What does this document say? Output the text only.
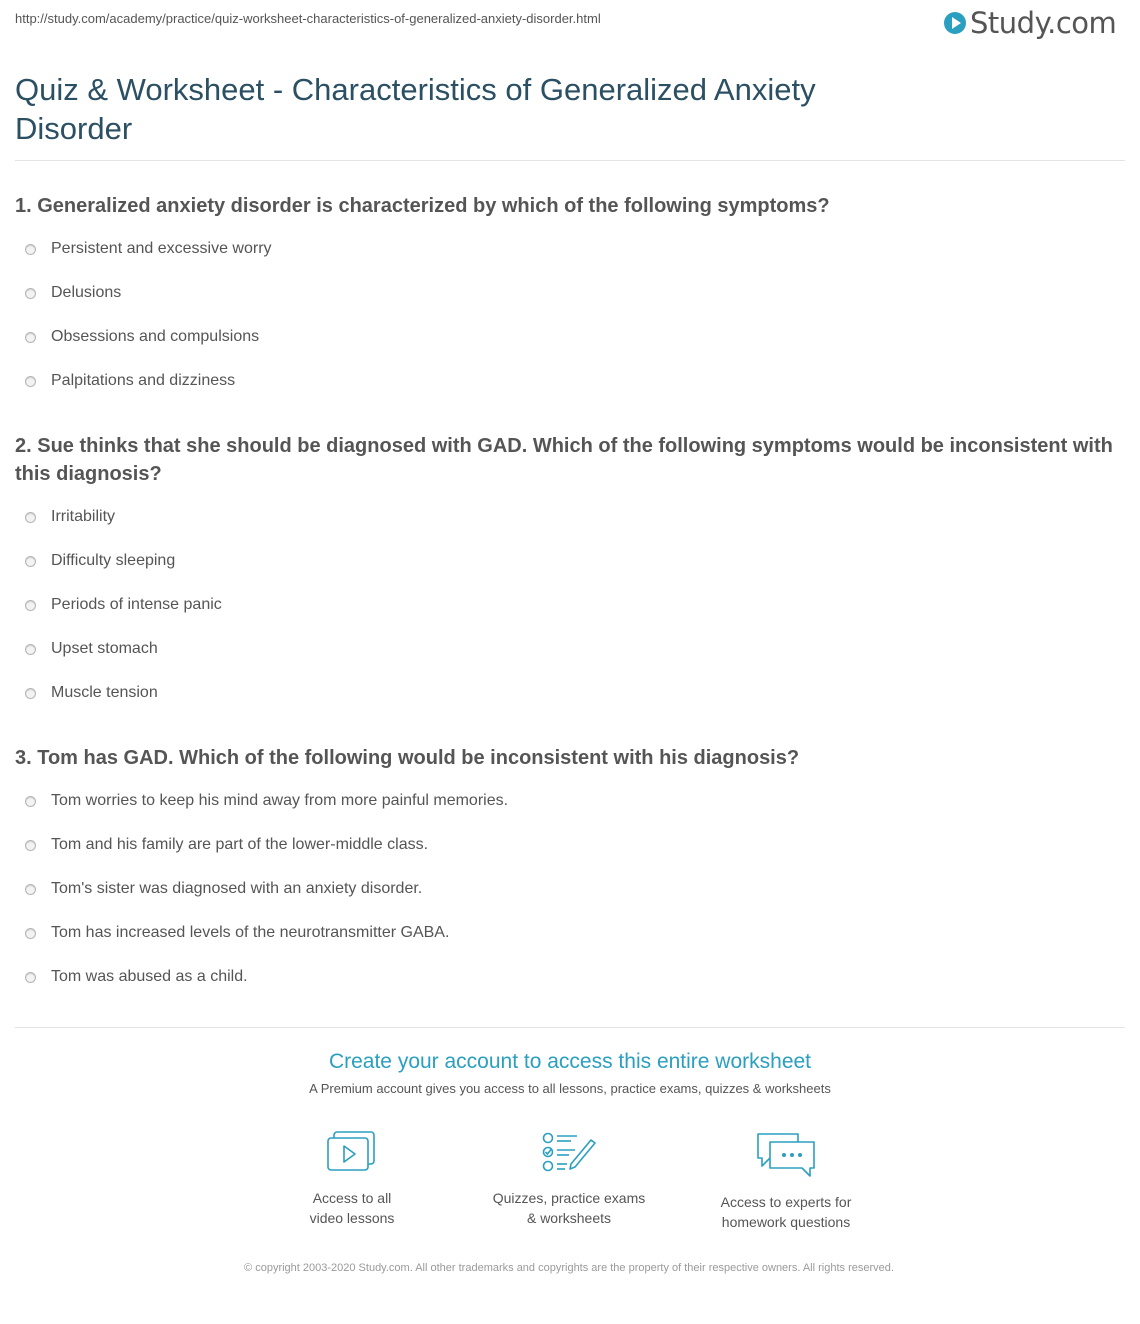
http://study.com/academy/practice/quiz-worksheet-characteristics-of-generalized-anxiety-disorder.html	Study.com
Quiz & Worksheet - Characteristics of Generalized Anxiety Disorder
1. Generalized anxiety disorder is characterized by which of the following symptoms?
Persistent and excessive worry
Delusions
Obsessions and compulsions
Palpitations and dizziness
2. Sue thinks that she should be diagnosed with GAD. Which of the following symptoms would be inconsistent with this diagnosis?
Irritability
Difficulty sleeping
Periods of intense panic
Upset stomach
Muscle tension
3. Tom has GAD. Which of the following would be inconsistent with his diagnosis?
Tom worries to keep his mind away from more painful memories.
Tom and his family are part of the lower-middle class.
Tom's sister was diagnosed with an anxiety disorder.
Tom has increased levels of the neurotransmitter GABA.
Tom was abused as a child.
Create your account to access this entire worksheet
A Premium account gives you access to all lessons, practice exams, quizzes & worksheets
Access to all
video lessons
Quizzes, practice exams
& worksheets
Access to experts for
homework questions
© copyright 2003-2020 Study.com. All other trademarks and copyrights are the property of their respective owners. All rights reserved.
